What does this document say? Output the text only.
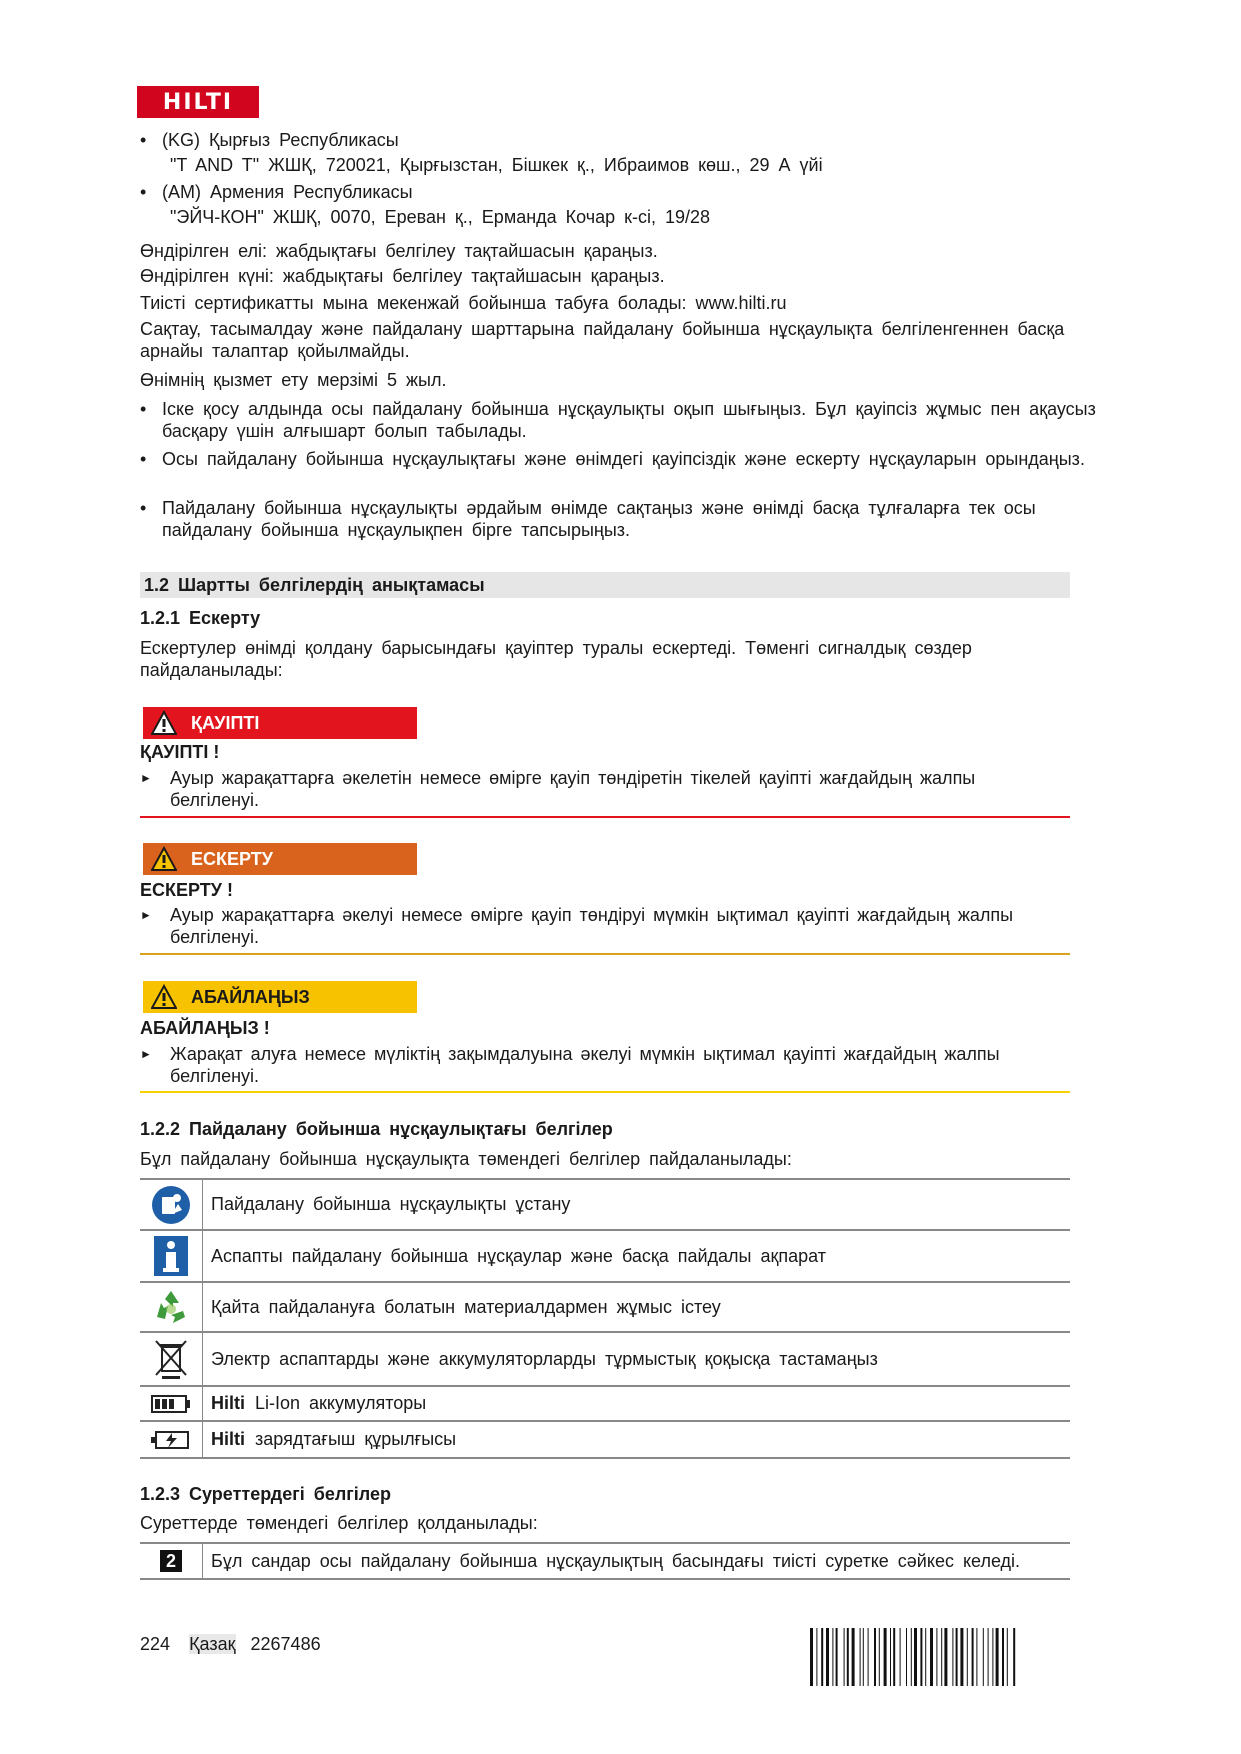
HILTI
• (KG) Қырғыз Республикасы
"T AND T" ЖШҚ, 720021, Қырғызстан, Бішкек қ., Ибраимов көш., 29 А үйі
• (AM) Армения Республикасы
"ЭЙЧ-КОН" ЖШҚ, 0070, Ереван қ., Ерманда Кочар к-сі, 19/28
Өндірілген елі: жабдықтағы белгілеу тақтайшасын қараңыз.
Өндірілген күні: жабдықтағы белгілеу тақтайшасын қараңыз.
Тиісті сертификатты мына мекенжай бойынша табуға болады: www.hilti.ru
Сақтау, тасымалдау және пайдалану шарттарына пайдалану бойынша нұсқаулықта белгіленгеннен басқа арнайы талаптар қойылмайды.
Өнімнің қызмет ету мерзімі 5 жыл.
• Іске қосу алдында осы пайдалану бойынша нұсқаулықты оқып шығыңыз. Бұл қауіпсіз жұмыс пен ақаусыз басқару үшін алғышарт болып табылады.
• Осы пайдалану бойынша нұсқаулықтағы және өнімдегі қауіпсіздік және ескерту нұсқауларын орындаңыз.
• Пайдалану бойынша нұсқаулықты әрдайым өнімде сақтаңыз және өнімді басқа тұлғаларға тек осы пайдалану бойынша нұсқаулықпен бірге тапсырыңыз.
1.2 Шартты белгілердің анықтамасы
1.2.1 Ескерту
Ескертулер өнімді қолдану барысындағы қауіптер туралы ескертеді. Төменгі сигналдық сөздер пайдаланылады:
ҚАУІПТІ
ҚАУІПТІ !
►	Ауыр жарақаттарға әкелетін немесе өмірге қауіп төндіретін тікелей қауіпті жағдайдың жалпы белгіленуі.
ЕСКЕРТУ
ЕСКЕРТУ !
►	Ауыр жарақаттарға әкелуі немесе өмірге қауіп төндіруі мүмкін ықтимал қауіпті жағдайдың жалпы белгіленуі.
АБАЙЛАҢЫЗ
АБАЙЛАҢЫЗ !
►	Жарақат алуға немесе мүліктің зақымдалуына әкелуі мүмкін ықтимал қауіпті жағдайдың жалпы белгіленуі.
1.2.2 Пайдалану бойынша нұсқаулықтағы белгілер
Бұл пайдалану бойынша нұсқаулықта төмендегі белгілер пайдаланылады:
Пайдалану бойынша нұсқаулықты ұстану
Аспапты пайдалану бойынша нұсқаулар және басқа пайдалы ақпарат
Қайта пайдалануға болатын материалдармен жұмыс істеу
Электр аспаптарды және аккумуляторларды тұрмыстық қоқысқа тастамаңыз
Hilti Li-Ion аккумуляторы
Hilti зарядтағыш құрылғысы
1.2.3 Суреттердегі белгілер
Суреттерде төмендегі белгілер қолданылады:
2	Бұл сандар осы пайдалану бойынша нұсқаулықтың басындағы тиісті суретке сәйкес келеді.
224 Қазақ 2267486
